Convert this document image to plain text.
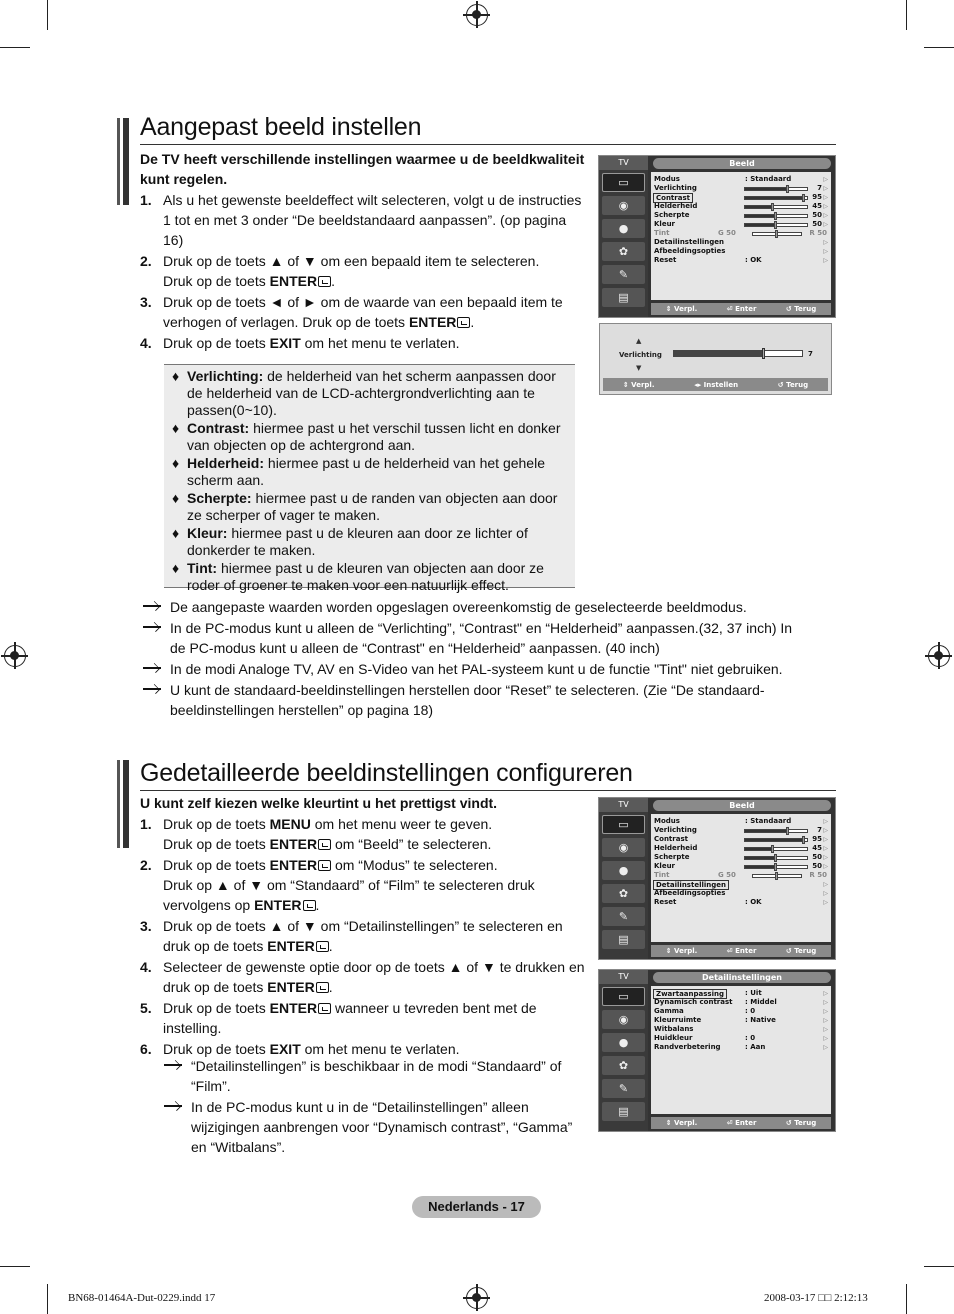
Aangepast beeld instellen
De TV heeft verschillende instellingen waarmee u de beeldkwaliteit kunt regelen.
1. Als u het gewenste beeldeffect wilt selecteren, volgt u de instructies 1 tot en met 3 onder “De beeldstandaard aanpassen”. (op pagina 16)
2. Druk op de toets ▲ of ▼ om een bepaald item te selecteren.
Druk op de toets ENTER .
3. Druk op de toets ◄ of ► om de waarde van een bepaald item te verhogen of verlagen. Druk op de toets ENTER .
4. Druk op de toets EXIT om het menu te verlaten.
♦ Verlichting: de helderheid van het scherm aanpassen door de helderheid van de LCD-achtergrondverlichting aan te passen(0~10).
♦ Contrast: hiermee past u het verschil tussen licht en donker van objecten op de achtergrond aan.
♦ Helderheid: hiermee past u de helderheid van het gehele scherm aan.
♦ Scherpte: hiermee past u de randen van objecten aan door ze scherper of vager te maken.
♦ Kleur: hiermee past u de kleuren aan door ze lichter of donkerder te maken.
♦ Tint: hiermee past u de kleuren van objecten aan door ze roder of groener te maken voor een natuurlijk effect.
De aangepaste waarden worden opgeslagen overeenkomstig de geselecteerde beeldmodus.
In de PC-modus kunt u alleen de “Verlichting”, “Contrast" en “Helderheid” aanpassen.(32, 37 inch) In de PC-modus kunt u alleen de “Contrast" en “Helderheid” aanpassen. (40 inch)
In de modi Analoge TV, AV en S-Video van het PAL-systeem kunt u de functie "Tint" niet gebruiken.
U kunt de standaard-beeldinstellingen herstellen door “Reset” te selecteren. (Zie “De standaard-beeldinstellingen herstellen” op pagina 18)
TV	Beeld
▭
◉
●
✿
✎
▤
Modus	: Standaard	▷
Verlichting	7 ▷
Contrast	95 ▷
Helderheid	45 ▷
Scherpte	50 ▷
Kleur	50 ▷
Tint	G 50	R 50
Detailinstellingen	▷
Afbeeldingsopties	▷
Reset	: OK	▷
⇕ Verpl.	⏎ Enter	↺ Terug
▲
Verlichting
▼
7
⇕ Verpl.	◂▸ Instellen	↺ Terug
Gedetailleerde beeldinstellingen configureren
U kunt zelf kiezen welke kleurtint u het prettigst vindt.
1. Druk op de toets MENU om het menu weer te geven.
Druk op de toets ENTER om “Beeld” te selecteren.
2. Druk op de toets ENTER om “Modus” te selecteren.
Druk op ▲ of ▼ om “Standaard” of “Film” te selecteren druk vervolgens op ENTER .
3. Druk op de toets ▲ of ▼ om “Detailinstellingen” te selecteren en druk op de toets ENTER .
4. Selecteer de gewenste optie door op de toets ▲ of ▼ te drukken en druk op de toets ENTER .
5. Druk op de toets ENTER wanneer u tevreden bent met de instelling.
6. Druk op de toets EXIT om het menu te verlaten.
“Detailinstellingen” is beschikbaar in de modi “Standaard” of “Film”.
In de PC-modus kunt u in de “Detailinstellingen” alleen wijzigingen aanbrengen voor “Dynamisch contrast”, “Gamma” en “Witbalans”.
TV	Beeld
▭
◉
●
✿
✎
▤
Modus	: Standaard	▷
Verlichting	7 ▷
Contrast	95 ▷
Helderheid	45 ▷
Scherpte	50 ▷
Kleur	50 ▷
Tint	G 50	R 50
Detailinstellingen	▷
Afbeeldingsopties	▷
Reset	: OK	▷
⇕ Verpl.	⏎ Enter	↺ Terug
TV	Detailinstellingen
▭
◉
●
✿
✎
▤
Zwartaanpassing	: Uit	▷
Dynamisch contrast : Middel	▷
Gamma	: 0	▷
Kleurruimte	: Native	▷
Witbalans	▷
Huidkleur	: 0	▷
Randverbetering	: Aan	▷
⇕ Verpl.	⏎ Enter	↺ Terug
Nederlands - 17
BN68-01464A-Dut-0229.indd 17	2008-03-17 □□ 2:12:13
